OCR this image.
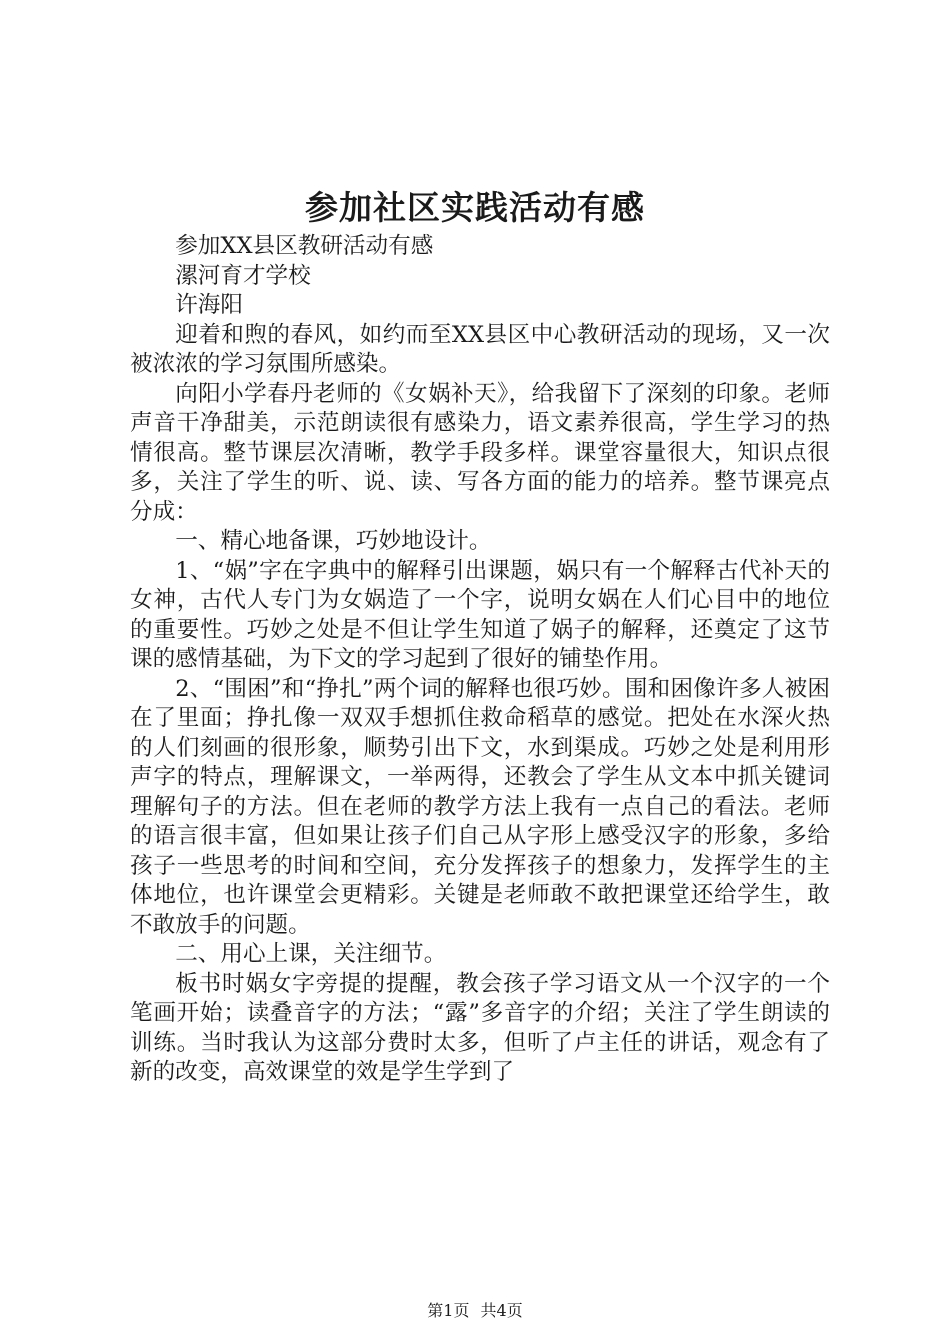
参加社区实践活动有感

参加XX县区教研活动有感

漯河育才学校

许海阳

迎着和煦的春风，如约而至XX县区中心教研活动的现场，又一次被浓浓的学习氛围所感染。

向阳小学春丹老师的《女娲补天》，给我留下了深刻的印象。老师声音干净甜美，示范朗读很有感染力，语文素养很高，学生学习的热情很高。整节课层次清晰，教学手段多样。课堂容量很大，知识点很多，关注了学生的听、说、读、写各方面的能力的培养。整节课亮点分成：

一、精心地备课，巧妙地设计。

1、“娲”字在字典中的解释引出课题，娲只有一个解释古代补天的女神，古代人专门为女娲造了一个字，说明女娲在人们心目中的地位的重要性。巧妙之处是不但让学生知道了娲子的解释，还奠定了这节课的感情基础，为下文的学习起到了很好的铺垫作用。

2、“围困”和“挣扎”两个词的解释也很巧妙。围和困像许多人被困在了里面；挣扎像一双双手想抓住救命稻草的感觉。把处在水深火热的人们刻画的很形象，顺势引出下文，水到渠成。巧妙之处是利用形声字的特点，理解课文，一举两得，还教会了学生从文本中抓关键词理解句子的方法。但在老师的教学方法上我有一点自己的看法。老师的语言很丰富，但如果让孩子们自己从字形上感受汉字的形象，多给孩子一些思考的时间和空间，充分发挥孩子的想象力，发挥学生的主体地位，也许课堂会更精彩。关键是老师敢不敢把课堂还给学生，敢不敢放手的问题。

二、用心上课，关注细节。

板书时娲女字旁提的提醒，教会孩子学习语文从一个汉字的一个笔画开始；读叠音字的方法；“露”多音字的介绍；关注了学生朗读的训练。当时我认为这部分费时太多，但听了卢主任的讲话，观念有了新的改变，高效课堂的效是学生学到了

第1页 共4页
